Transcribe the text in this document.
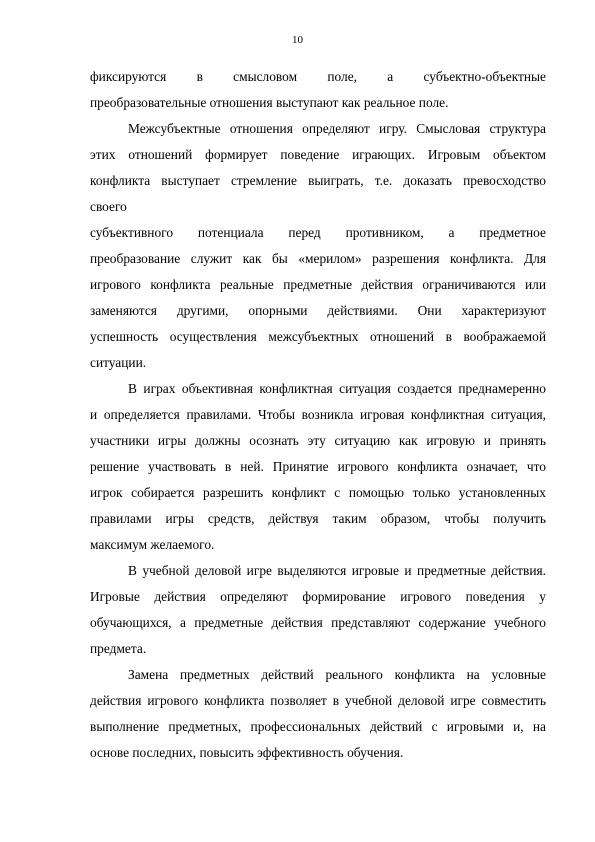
10
фиксируются в смысловом поле, а субъектно-объектные
преобразовательные отношения выступают как реальное поле.
Межсубъектные отношения определяют игру. Смысловая структура
этих отношений формирует поведение играющих. Игровым объектом
конфликта выступает стремление выиграть, т.е. доказать превосходство
своего
субъективного потенциала перед противником, а предметное
преобразование служит как бы «мерилом» разрешения конфликта. Для
игрового конфликта реальные предметные действия ограничиваются или
заменяются другими, опорными действиями. Они характеризуют
успешность осуществления межсубъектных отношений в воображаемой
ситуации.
В играх объективная конфликтная ситуация создается преднамеренно
и определяется правилами. Чтобы возникла игровая конфликтная ситуация,
участники игры должны осознать эту ситуацию как игровую и принять
решение участвовать в ней. Принятие игрового конфликта означает, что
игрок собирается разрешить конфликт с помощью только установленных
правилами игры средств, действуя таким образом, чтобы получить
максимум желаемого.
В учебной деловой игре выделяются игровые и предметные действия.
Игровые действия определяют формирование игрового поведения у
обучающихся, а предметные действия представляют содержание учебного
предмета.
Замена предметных действий реального конфликта на условные
действия игрового конфликта позволяет в учебной деловой игре совместить
выполнение предметных, профессиональных действий с игровыми и, на
основе последних, повысить эффективность обучения.
